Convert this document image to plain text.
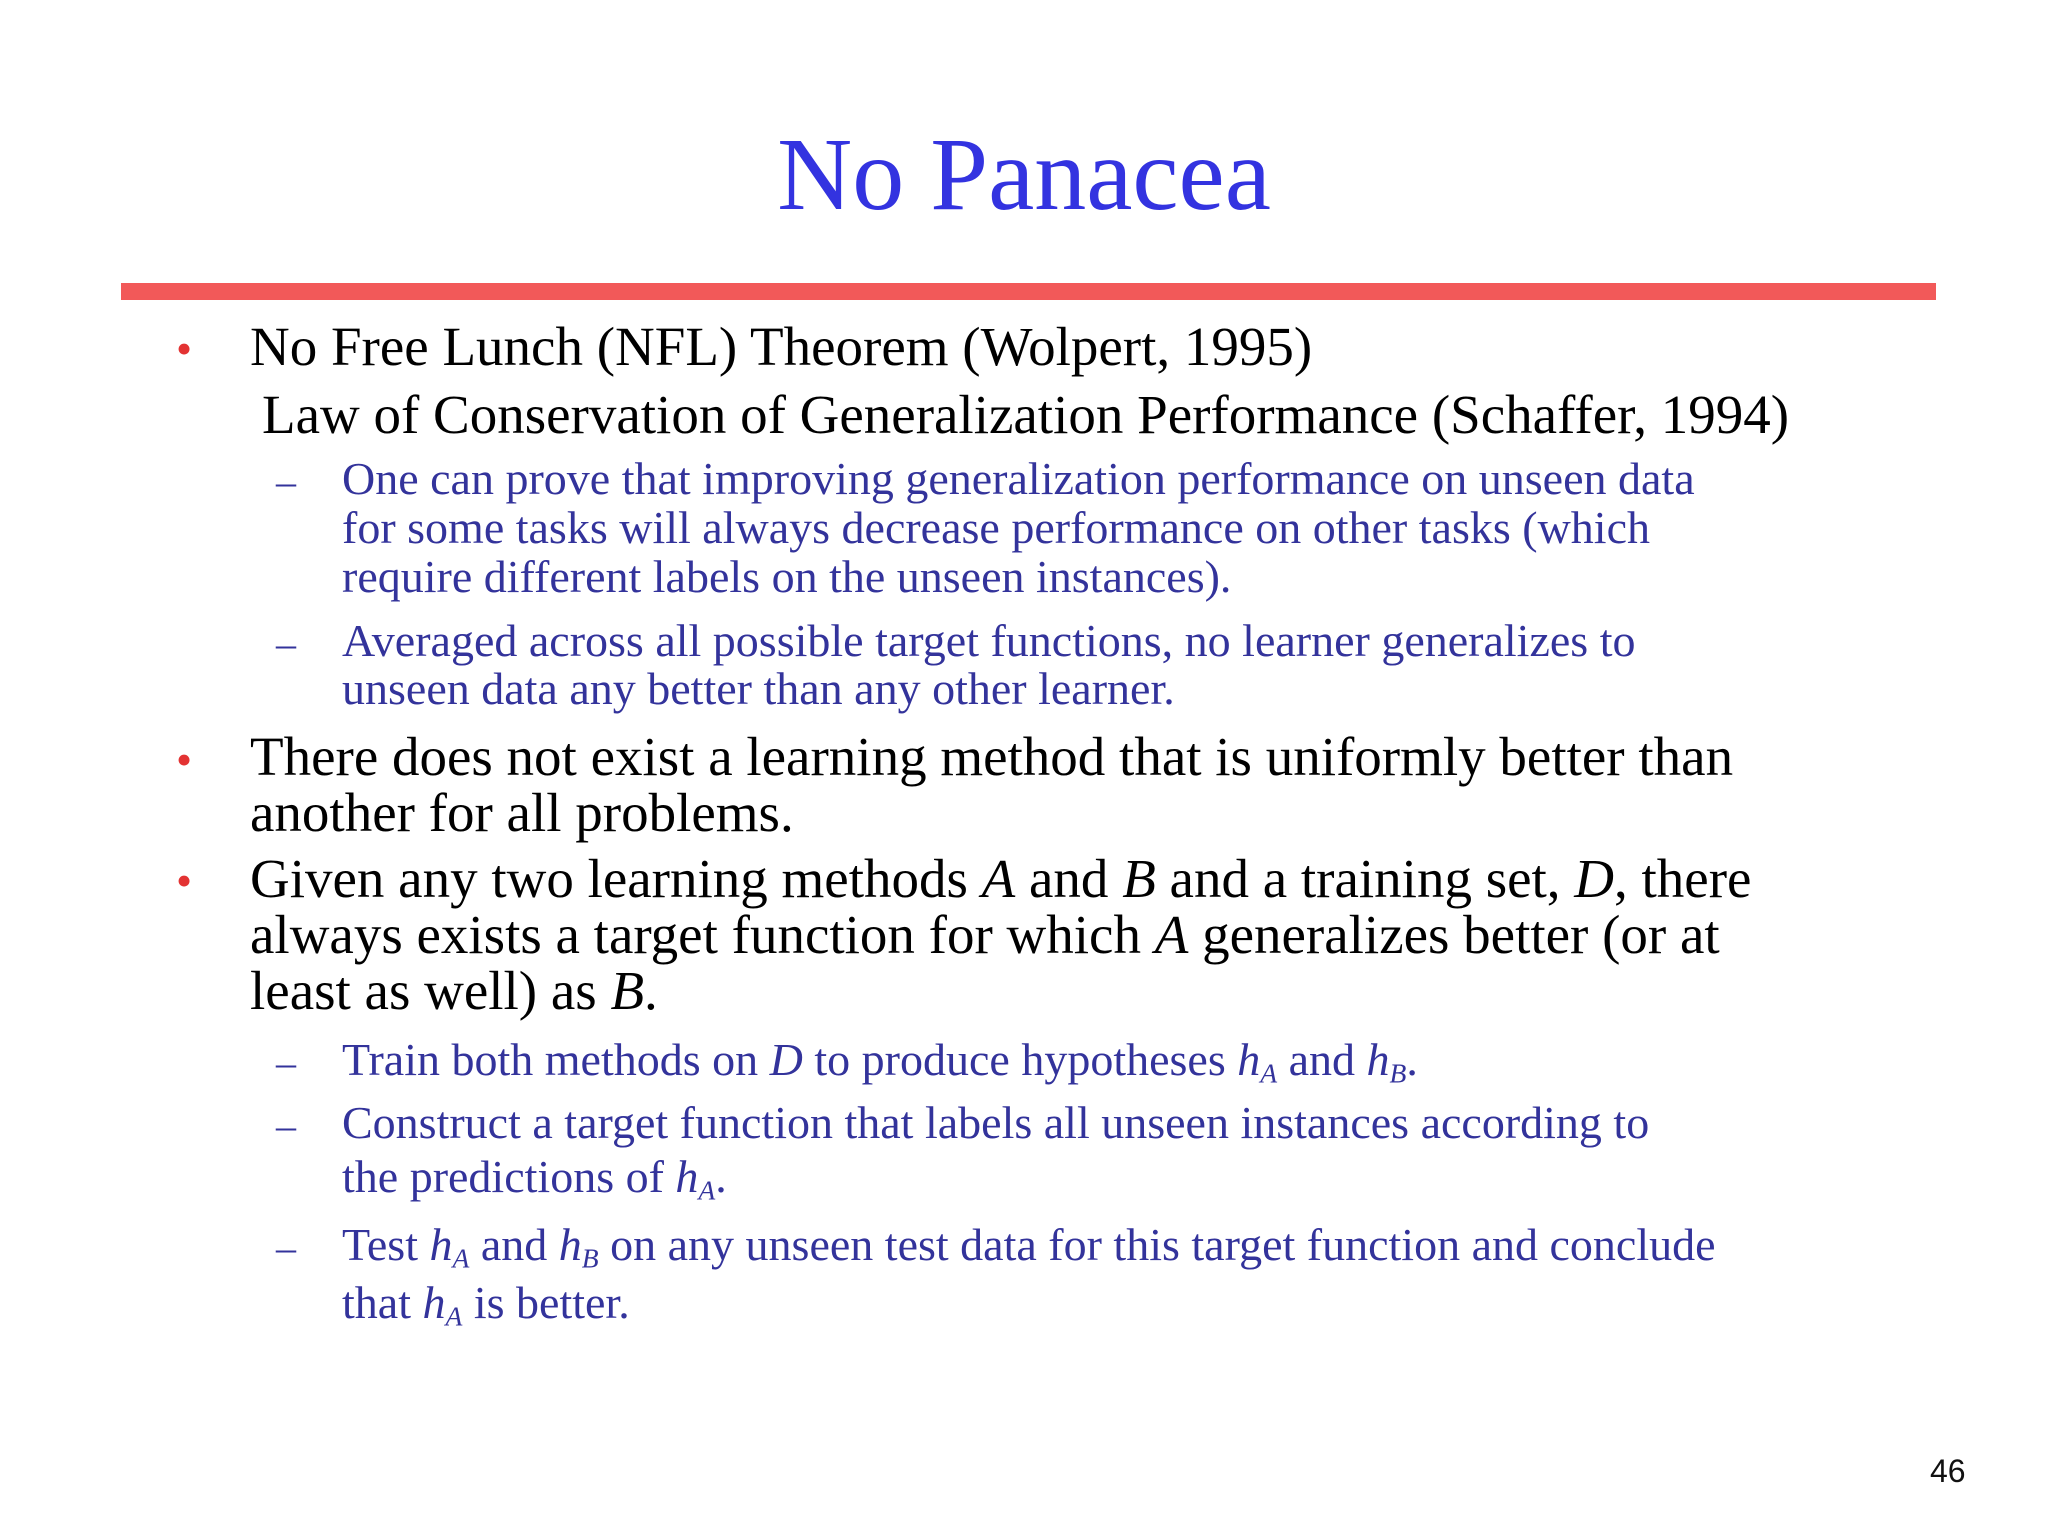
No Panacea
• No Free Lunch (NFL) Theorem (Wolpert, 1995)
Law of Conservation of Generalization Performance (Schaffer, 1994)
– One can prove that improving generalization performance on unseen data
for some tasks will always decrease performance on other tasks (which
require different labels on the unseen instances).
– Averaged across all possible target functions, no learner generalizes to
unseen data any better than any other learner.
• There does not exist a learning method that is uniformly better than
another for all problems.
• Given any two learning methods A and B and a training set, D, there
always exists a target function for which A generalizes better (or at
least as well) as B.
– Train both methods on D to produce hypotheses $h_A$ and $h_B$.
– Construct a target function that labels all unseen instances according to
the predictions of $h_A$.
– Test $h_A$ and $h_B$ on any unseen test data for this target function and conclude
that $h_A$ is better.
46
